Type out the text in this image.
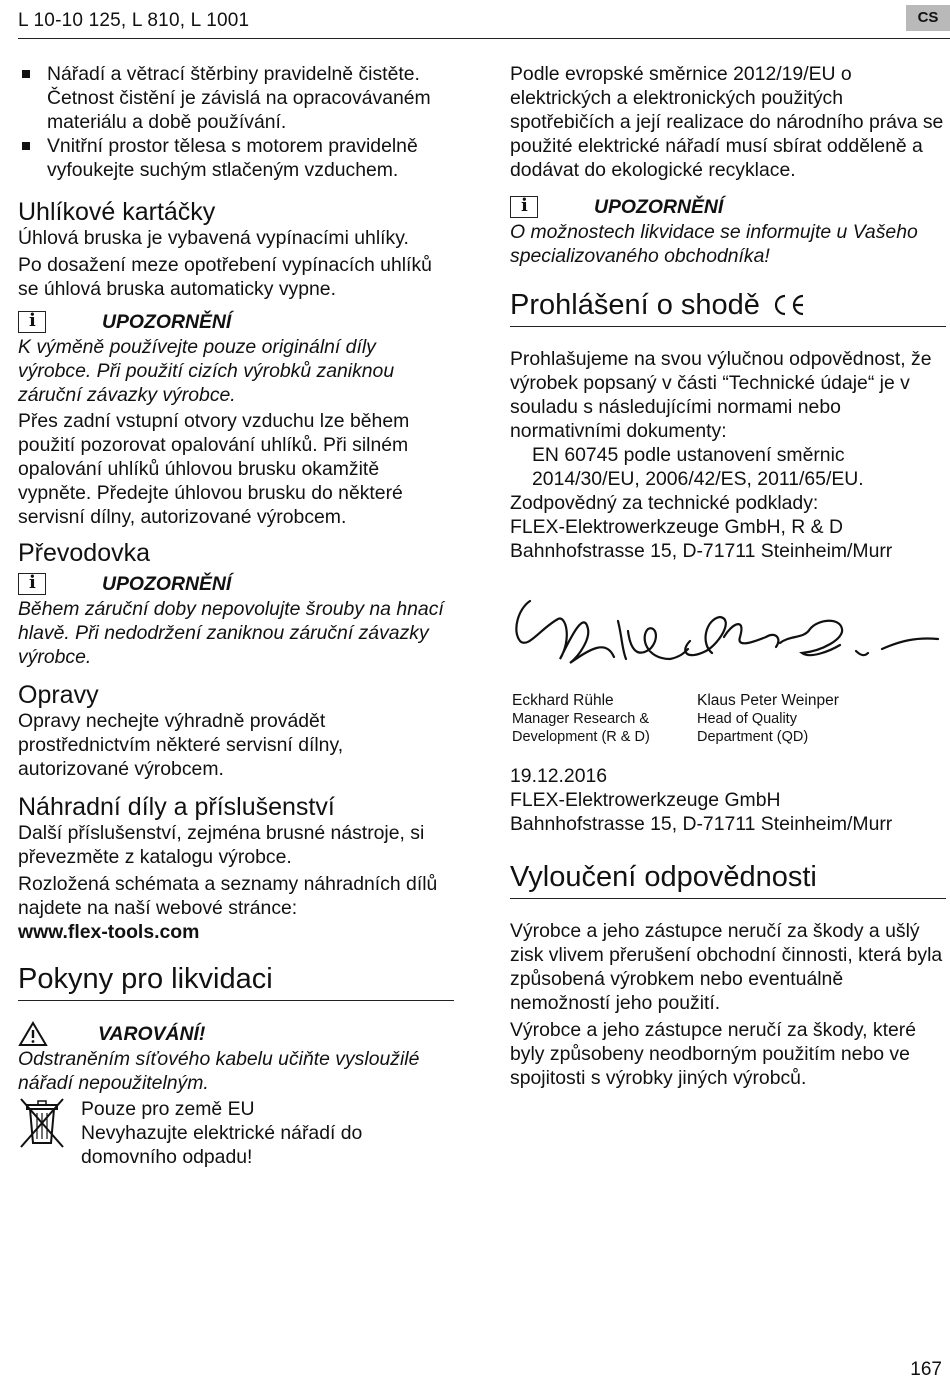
L 10-10 125, L 810, L 1001	CS
Nářadí a větrací štěrbiny pravidelně čistěte. Četnost čistění je závislá na opracovávaném materiálu a době používání.
Vnitřní prostor tělesa s motorem pravidelně vyfoukejte suchým stlačeným vzduchem.
Uhlíkové kartáčky

Úhlová bruska je vybavená vypínacími uhlíky.

Po dosažení meze opotřebení vypínacích uhlíků se úhlová bruska automaticky vypne.

i	UPOZORNĚNÍ
K výměně používejte pouze originální díly výrobce. Při použití cizích výrobků zaniknou záruční závazky výrobce.

Přes zadní vstupní otvory vzduchu lze během použití pozorovat opalování uhlíků. Při silném opalování uhlíků úhlovou brusku okamžitě vypněte. Předejte úhlovou brusku do některé servisní dílny, autorizované výrobcem.

Převodovka
i	UPOZORNĚNÍ
Během záruční doby nepovolujte šrouby na hnací hlavě. Při nedodržení zaniknou záruční závazky výrobce.
Opravy

Opravy nechejte výhradně provádět prostřednictvím některé servisní dílny, autorizované výrobcem.

Náhradní díly a příslušenství

Další příslušenství, zejména brusné nástroje, si převezměte z katalogu výrobce.

Rozložená schémata a seznamy náhradních dílů najdete na naší webové stránce:

www.flex-tools.com

Pokyny pro likvidaci
VAROVÁNÍ!
Odstraněním síťového kabelu učiňte vysloužilé nářadí nepoužitelným.

Pouze pro země EU

Nevyhazujte elektrické nářadí do domovního odpadu!

Podle evropské směrnice 2012/19/EU o elektrických a elektronických použitých spotřebičích a její realizace do národního práva se použité elektrické nářadí musí sbírat odděleně a dodávat do ekologické recyklace.

i	UPOZORNĚNÍ
O možnostech likvidace se informujte u Vašeho specializovaného obchodníka!
Prohlášení o shodě

Prohlašujeme na svou výlučnou odpovědnost, že výrobek popsaný v části “Technické údaje“ je v souladu s následujícími normami nebo normativními dokumenty:

EN 60745 podle ustanovení směrnic 2014/30/EU, 2006/42/ES, 2011/65/EU.

Zodpovědný za technické podklady:

FLEX-Elektrowerkzeuge GmbH, R & D

Bahnhofstrasse 15, D-71711 Steinheim/Murr

Eckhard Rühle
Manager Research &
Development (R & D)
Klaus Peter Weinper
Head of Quality
Department (QD)

19.12.2016

FLEX-Elektrowerkzeuge GmbH

Bahnhofstrasse 15, D-71711 Steinheim/Murr

Vyloučení odpovědnosti

Výrobce a jeho zástupce neručí za škody a ušlý zisk vlivem přerušení obchodní činnosti, která byla způsobená výrobkem nebo eventuálně nemožností jeho použití.

Výrobce a jeho zástupce neručí za škody, které byly způsobeny neodborným použitím nebo ve spojitosti s výrobky jiných výrobců.

167
